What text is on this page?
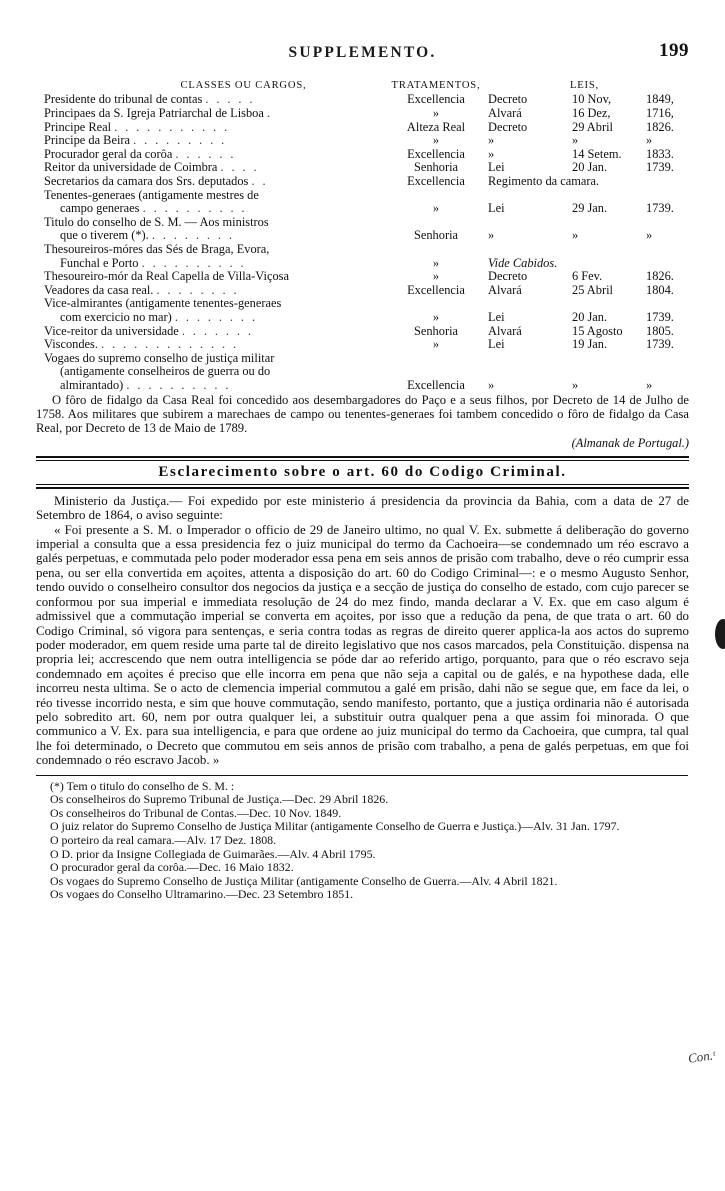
SUPPLEMENTO.	199
CLASSES OU CARGOS,	TRATAMENTOS,	LEIS,
Presidente do tribunal de contas . . . . .	Excellencia	Decreto 10 Nov, 1849,
Principaes da S. Igreja Patriarchal de Lisboa .	»	Alvará 16 Dez, 1716,
Principe Real . . . . . . . . . . .	Alteza Real	Decreto 29 Abril 1826.
Principe da Beira . . . . . . . . .	»	» » »
Procurador geral da corôa . . . . . .	Excellencia	» 14 Setem. 1833.
Reitor da universidade de Coimbra . . . .	Senhoria	Lei 20 Jan. 1739.
Secretarios da camara dos Srs. deputados . .	Excellencia	Regimento da camara.

Tenentes-generaes (antigamente mestres de
campo generaes . . . . . . . . . .	»	Lei 29 Jan. 1739.

Titulo do conselho de S. M. — Aos ministros
que o tiverem (*). . . . . . . . .	Senhoria	» » »

Thesoureiros-móres das Sés de Braga, Evora,
Funchal e Porto . . . . . . . . . .	»	Vide Cabidos.

Thesoureiro-mór da Real Capella de Villa-Viçosa	»	Decreto 6 Fev. 1826.
Veadores da casa real. . . . . . . . .	Excellencia	Alvará 25 Abril 1804.

Vice-almirantes (antigamente tenentes-generaes
com exercicio no mar) . . . . . . . .	»	Lei 20 Jan. 1739.

Vice-reitor da universidade . . . . . . .	Senhoria	Alvará 15 Agosto 1805.
Viscondes. . . . . . . . . . . . . .	»	Lei 19 Jan. 1739.

Vogaes do supremo conselho de justiça militar
(antigamente conselheiros de guerra ou do
almirantado) . . . . . . . . . .	Excellencia	» » »
O fôro de fidalgo da Casa Real foi concedido aos desembargadores do Paço e a seus filhos, por Decreto de 14 de Julho de 1758. Aos militares que subirem a marechaes de campo ou tenentes-generaes foi tambem concedido o fôro de fidalgo da Casa Real, por Decreto de 13 de Maio de 1789.
(Almanak de Portugal.)
Esclarecimento sobre o art. 60 do Codigo Criminal.

Ministerio da Justiça.— Foi expedido por este ministerio á presidencia da provincia da Bahia, com a data de 27 de Setembro de 1864, o aviso seguinte:

« Foi presente a S. M. o Imperador o officio de 29 de Janeiro ultimo, no qual V. Ex. submette á deliberação do governo imperial a consulta que a essa presidencia fez o juiz municipal do termo da Cachoeira—se condemnado um réo escravo a galés perpetuas, e commutada pelo poder moderador essa pena em seis annos de prisão com trabalho, deve o réo cumprir essa pena, ou ser ella convertida em açoites, attenta a disposição do art. 60 do Codigo Criminal—: e o mesmo Augusto Senhor, tendo ouvido o conselheiro consultor dos negocios da justiça e a secção de justiça do conselho de estado, com cujo parecer se conformou por sua imperial e immediata resolução de 24 do mez findo, manda declarar a V. Ex. que em caso algum é admissivel que a commutação imperial se converta em açoites, por isso que a redução da pena, de que trata o art. 60 do Codigo Criminal, só vigora para sentenças, e seria contra todas as regras de direito querer applica-la aos actos do supremo poder moderador, em quem reside uma parte tal de direito legislativo que nos casos marcados, pela Constituição. dispensa na propria lei; accrescendo que nem outra intelligencia se póde dar ao referido artigo, porquanto, para que o réo escravo seja condemnado em açoites é preciso que elle incorra em pena que não seja a capital ou de galés, e na hypothese dada, elle incorreu nesta ultima. Se o acto de clemencia imperial commutou a galé em prisão, dahi não se segue que, em face da lei, o réo tivesse incorrido nesta, e sim que houve commutação, sendo manifesto, portanto, que a justiça ordinaria não é autorisada pelo sobredito art. 60, nem por outra qualquer lei, a substituir outra qualquer pena a que assim foi minorada. O que communico a V. Ex. para sua intelligencia, e para que ordene ao juiz municipal do termo da Cachoeira, que cumpra, tal qual lhe foi determinado, o Decreto que commutou em seis annos de prisão com trabalho, a pena de galés perpetuas, em que foi condemnado o réo escravo Jacob. »

(*) Tem o titulo do conselho de S. M. :

Os conselheiros do Supremo Tribunal de Justiça.—Dec. 29 Abril 1826.

Os conselheiros do Tribunal de Contas.—Dec. 10 Nov. 1849.

O juiz relator do Supremo Conselho de Justiça Militar (antigamente Conselho de Guerra e Justiça.)—Alv. 31 Jan. 1797.

O porteiro da real camara.—Alv. 17 Dez. 1808.

O D. prior da Insigne Collegiada de Guimarães.—Alv. 4 Abril 1795.

O procurador geral da corôa.—Dec. 16 Maio 1832.

Os vogaes do Supremo Conselho de Justiça Militar (antigamente Conselho de Guerra.—Alv. 4 Abril 1821.

Os vogaes do Conselho Ultramarino.—Dec. 23 Setembro 1851.

Con.ᵗ
